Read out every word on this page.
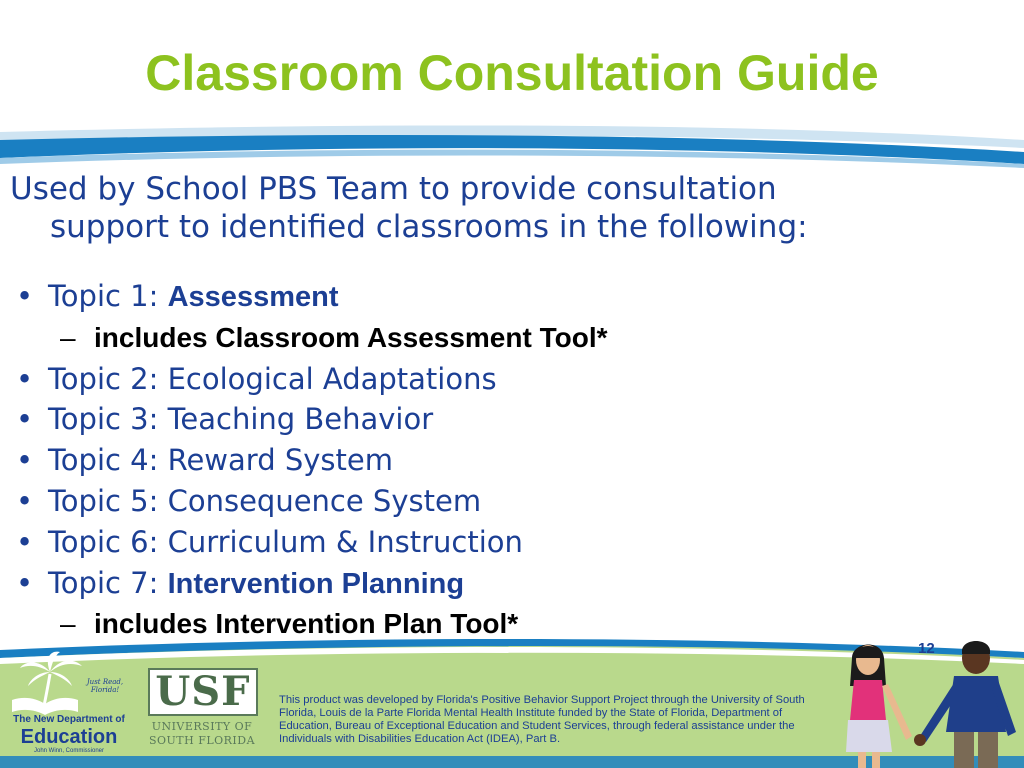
Classroom Consultation Guide

Used by School PBS Team to provide consultation
support to identified classrooms in the following:

• Topic 1: Assessment
– includes Classroom Assessment Tool*
• Topic 2: Ecological Adaptations
• Topic 3: Teaching Behavior
• Topic 4: Reward System
• Topic 5: Consequence System
• Topic 6: Curriculum & Instruction
• Topic 7: Intervention Planning
– includes Intervention Plan Tool*
12
Just Read, Florida!
The New Department of
Education
John Winn, Commissioner
USF
UNIVERSITY OF
SOUTH FLORIDA

This product was developed by Florida's Positive Behavior Support Project through the University of South Florida, Louis de la Parte Florida Mental Health Institute funded by the State of Florida, Department of Education, Bureau of Exceptional Education and Student Services, through federal assistance under the Individuals with Disabilities Education Act (IDEA), Part B.
